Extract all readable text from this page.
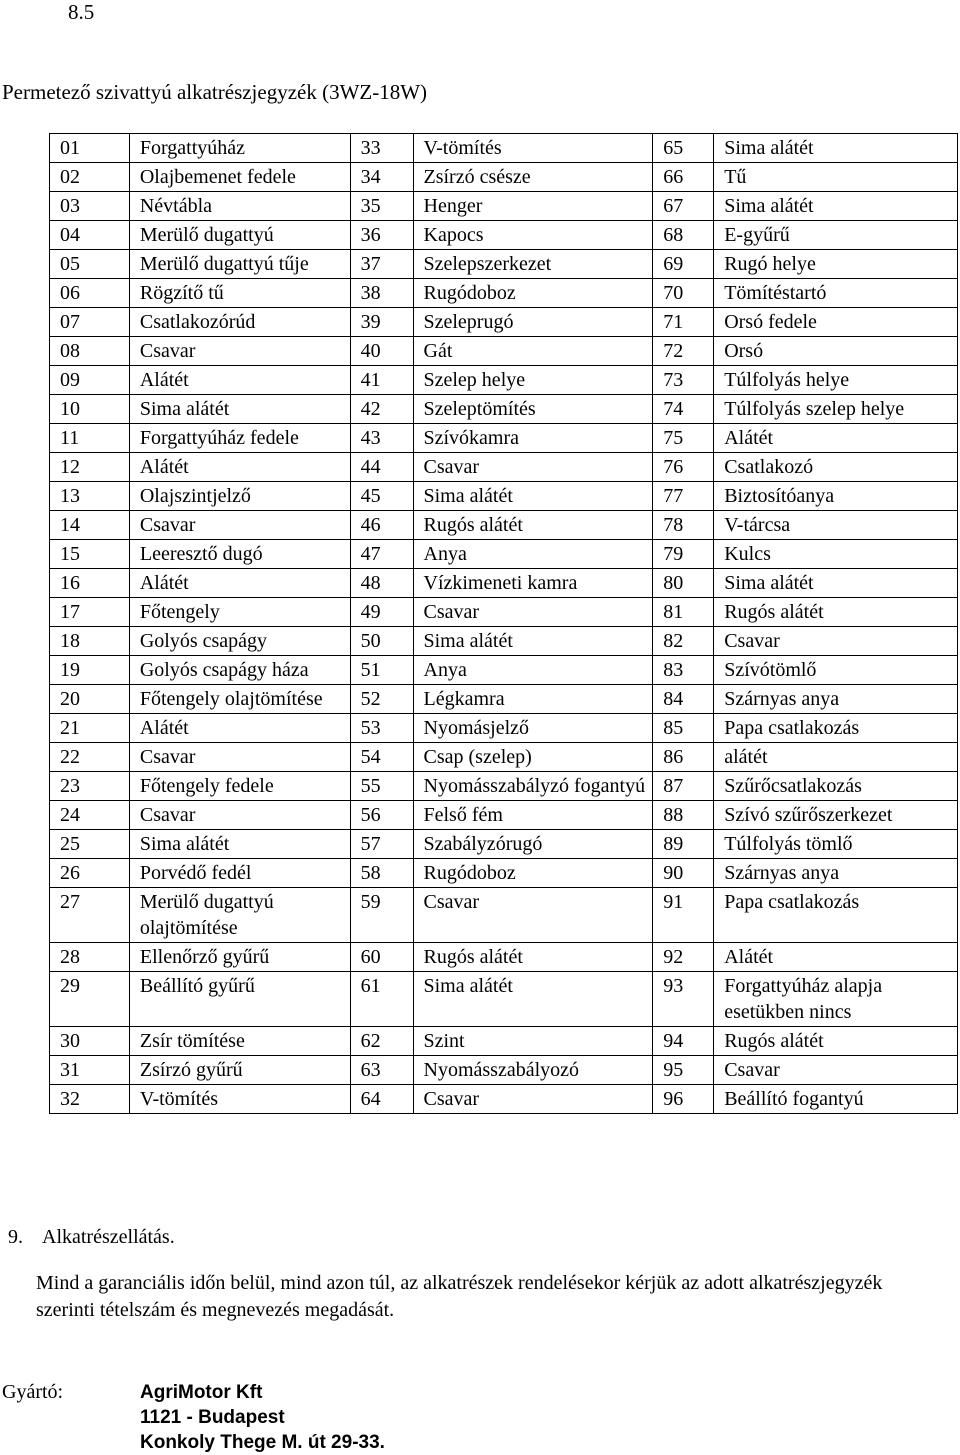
8.5
Permetező szivattyú alkatrészjegyzék (3WZ-18W)
01	Forgattyúház	33	V-tömítés	65	Sima alátét
02	Olajbemenet fedele	34	Zsírzó csésze	66	Tű
03	Névtábla	35	Henger	67	Sima alátét
04	Merülő dugattyú	36	Kapocs	68	E-gyűrű
05	Merülő dugattyú tűje	37	Szelepszerkezet	69	Rugó helye
06	Rögzítő tű	38	Rugódoboz	70	Tömítéstartó
07	Csatlakozórúd	39	Szeleprugó	71	Orsó fedele
08	Csavar	40	Gát	72	Orsó
09	Alátét	41	Szelep helye	73	Túlfolyás helye
10	Sima alátét	42	Szeleptömítés	74	Túlfolyás szelep helye
11	Forgattyúház fedele	43	Szívókamra	75	Alátét
12	Alátét	44	Csavar	76	Csatlakozó
13	Olajszintjelző	45	Sima alátét	77	Biztosítóanya
14	Csavar	46	Rugós alátét	78	V-tárcsa
15	Leeresztő dugó	47	Anya	79	Kulcs
16	Alátét	48	Vízkimeneti kamra	80	Sima alátét
17	Főtengely	49	Csavar	81	Rugós alátét
18	Golyós csapágy	50	Sima alátét	82	Csavar
19	Golyós csapágy háza	51	Anya	83	Szívótömlő
20	Főtengely olajtömítése	52	Légkamra	84	Szárnyas anya
21	Alátét	53	Nyomásjelző	85	Papa csatlakozás
22	Csavar	54	Csap (szelep)	86	alátét
23	Főtengely fedele	55	Nyomásszabályzó fogantyú	87	Szűrőcsatlakozás
24	Csavar	56	Felső fém	88	Szívó szűrőszerkezet
25	Sima alátét	57	Szabályzórugó	89	Túlfolyás tömlő
26	Porvédő fedél	58	Rugódoboz	90	Szárnyas anya
27	Merülő dugattyú olajtömítése	59	Csavar	91	Papa csatlakozás
28	Ellenőrző gyűrű	60	Rugós alátét	92	Alátét
29	Beállító gyűrű	61	Sima alátét	93	Forgattyúház alapja esetükben nincs
30	Zsír tömítése	62	Szint	94	Rugós alátét
31	Zsírzó gyűrű	63	Nyomásszabályozó	95	Csavar
32	V-tömítés	64	Csavar	96	Beállító fogantyú
9. Alkatrészellátás.
Mind a garanciális időn belül, mind azon túl, az alkatrészek rendelésekor kérjük az adott alkatrészjegyzék szerinti tételszám és megnevezés megadását.
Gyártó:	AgriMotor Kft
1121 - Budapest
Konkoly Thege M. út 29-33.
